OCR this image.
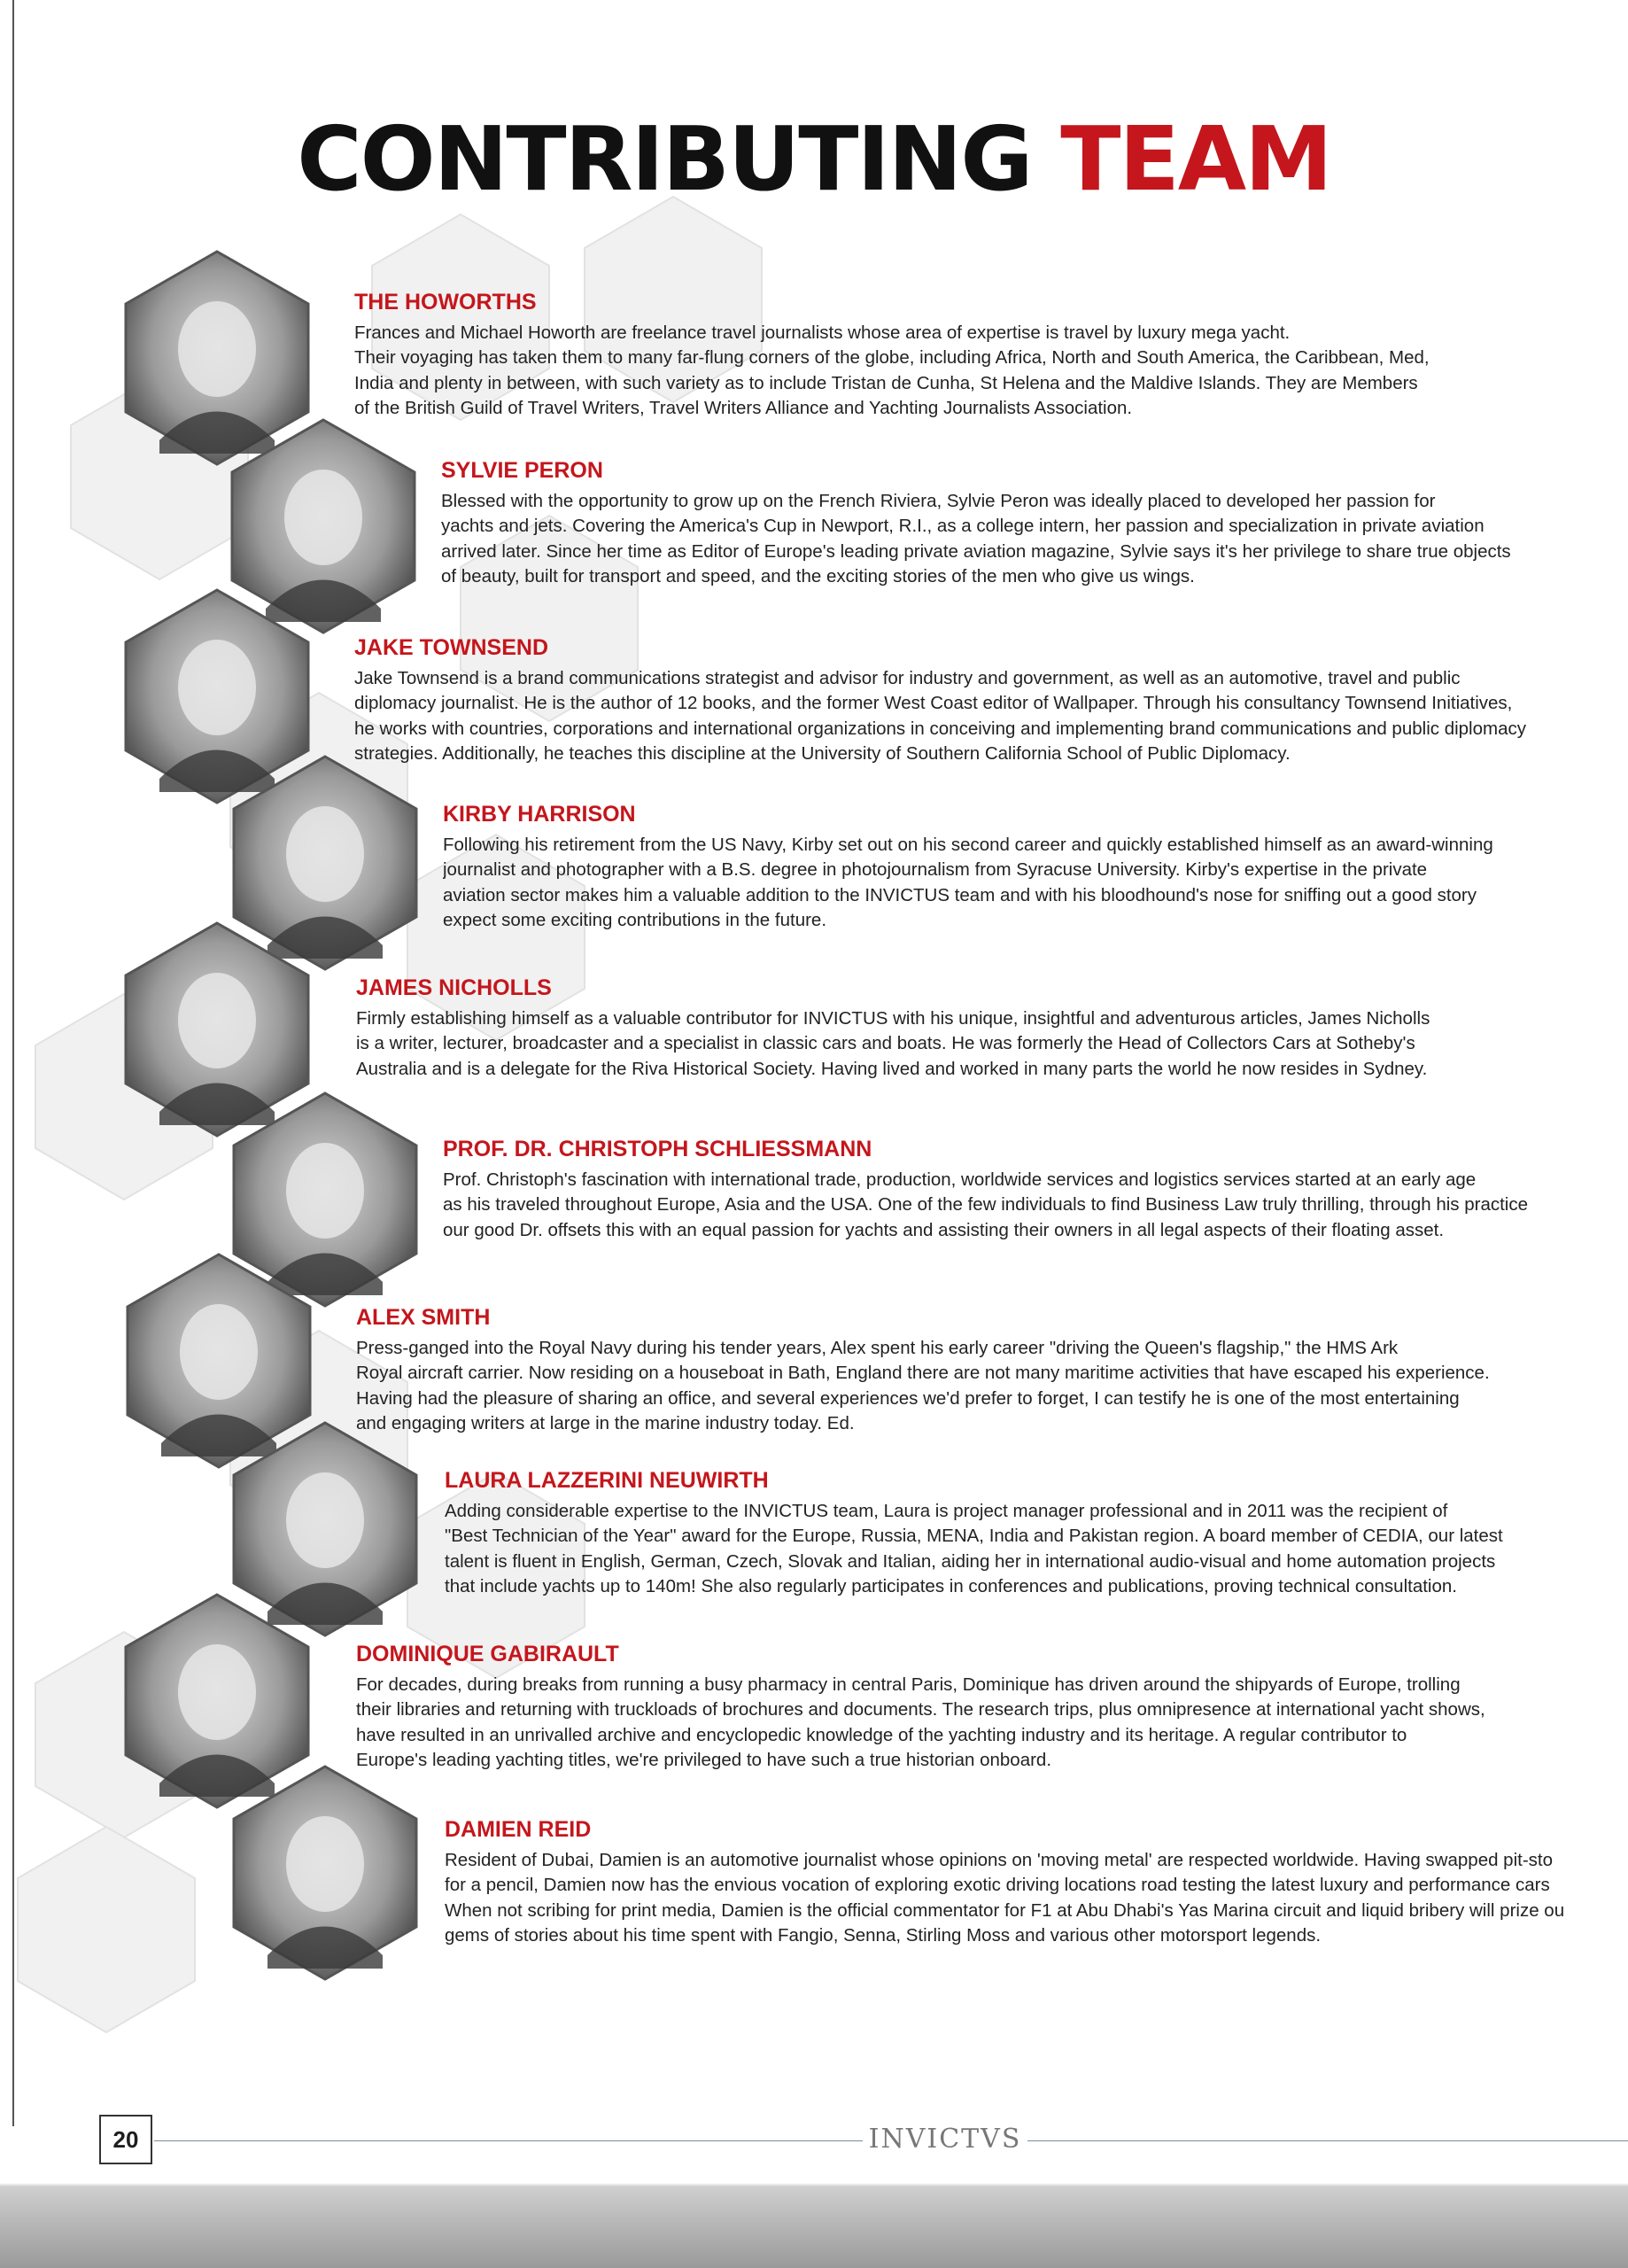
CONTRIBUTING TEAM
THE HOWORTHS

Frances and Michael Howorth are freelance travel journalists whose area of expertise is travel by luxury mega yacht.
Their voyaging has taken them to many far-flung corners of the globe, including Africa, North and South America, the Caribbean, Med,
India and plenty in between, with such variety as to include Tristan de Cunha, St Helena and the Maldive Islands. They are Members
of the British Guild of Travel Writers, Travel Writers Alliance and Yachting Journalists Association.

SYLVIE PERON

Blessed with the opportunity to grow up on the French Riviera, Sylvie Peron was ideally placed to developed her passion for
yachts and jets. Covering the America's Cup in Newport, R.I., as a college intern, her passion and specialization in private aviation
arrived later. Since her time as Editor of Europe's leading private aviation magazine, Sylvie says it's her privilege to share true objects
of beauty, built for transport and speed, and the exciting stories of the men who give us wings.

JAKE TOWNSEND

Jake Townsend is a brand communications strategist and advisor for industry and government, as well as an automotive, travel and public
diplomacy journalist. He is the author of 12 books, and the former West Coast editor of Wallpaper. Through his consultancy Townsend Initiatives,
he works with countries, corporations and international organizations in conceiving and implementing brand communications and public diplomacy
strategies. Additionally, he teaches this discipline at the University of Southern California School of Public Diplomacy.

KIRBY HARRISON

Following his retirement from the US Navy, Kirby set out on his second career and quickly established himself as an award-winning
journalist and photographer with a B.S. degree in photojournalism from Syracuse University. Kirby's expertise in the private
aviation sector makes him a valuable addition to the INVICTUS team and with his bloodhound's nose for sniffing out a good story
expect some exciting contributions in the future.

JAMES NICHOLLS

Firmly establishing himself as a valuable contributor for INVICTUS with his unique, insightful and adventurous articles, James Nicholls
is a writer, lecturer, broadcaster and a specialist in classic cars and boats. He was formerly the Head of Collectors Cars at Sotheby's
Australia and is a delegate for the Riva Historical Society. Having lived and worked in many parts the world he now resides in Sydney.

PROF. DR. CHRISTOPH SCHLIESSMANN

Prof. Christoph's fascination with international trade, production, worldwide services and logistics services started at an early age
as his traveled throughout Europe, Asia and the USA. One of the few individuals to find Business Law truly thrilling, through his practice
our good Dr. offsets this with an equal passion for yachts and assisting their owners in all legal aspects of their floating asset.

ALEX SMITH

Press-ganged into the Royal Navy during his tender years, Alex spent his early career "driving the Queen's flagship," the HMS Ark
Royal aircraft carrier. Now residing on a houseboat in Bath, England there are not many maritime activities that have escaped his experience.
Having had the pleasure of sharing an office, and several experiences we'd prefer to forget, I can testify he is one of the most entertaining
and engaging writers at large in the marine industry today. Ed.

LAURA LAZZERINI NEUWIRTH

Adding considerable expertise to the INVICTUS team, Laura is project manager professional and in 2011 was the recipient of
"Best Technician of the Year" award for the Europe, Russia, MENA, India and Pakistan region. A board member of CEDIA, our latest
talent is fluent in English, German, Czech, Slovak and Italian, aiding her in international audio-visual and home automation projects
that include yachts up to 140m! She also regularly participates in conferences and publications, proving technical consultation.

DOMINIQUE GABIRAULT

For decades, during breaks from running a busy pharmacy in central Paris, Dominique has driven around the shipyards of Europe, trolling
their libraries and returning with truckloads of brochures and documents. The research trips, plus omnipresence at international yacht shows,
have resulted in an unrivalled archive and encyclopedic knowledge of the yachting industry and its heritage. A regular contributor to
Europe's leading yachting titles, we're privileged to have such a true historian onboard.

DAMIEN REID

Resident of Dubai, Damien is an automotive journalist whose opinions on 'moving metal' are respected worldwide. Having swapped pit-sto
for a pencil, Damien now has the envious vocation of exploring exotic driving locations road testing the latest luxury and performance cars
When not scribing for print media, Damien is the official commentator for F1 at Abu Dhabi's Yas Marina circuit and liquid bribery will prize ou
gems of stories about his time spent with Fangio, Senna, Stirling Moss and various other motorsport legends.

20	INVICTVS
